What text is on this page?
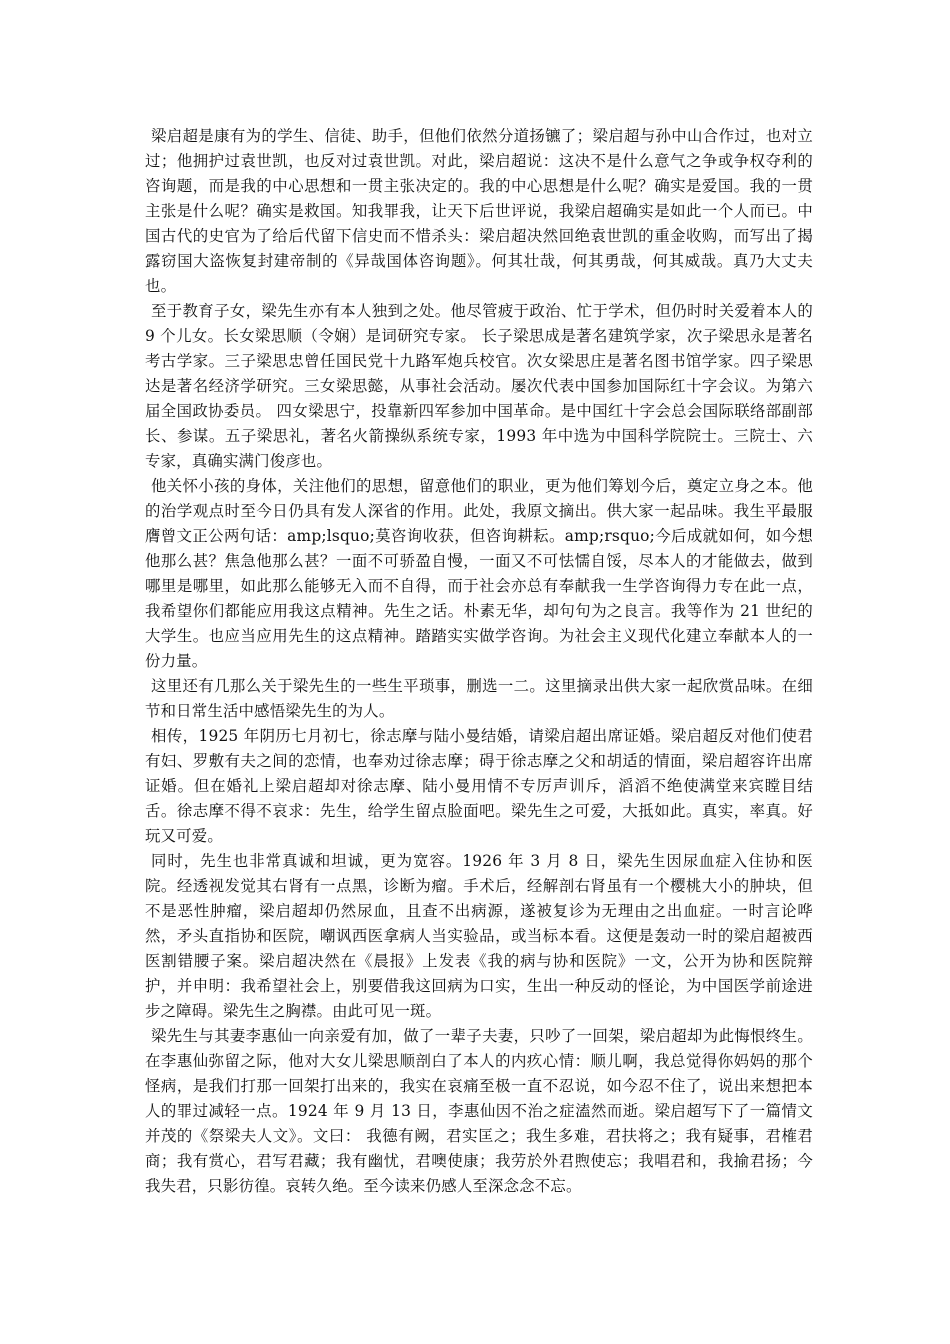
梁启超是康有为的学生、信徒、助手，但他们依然分道扬镳了；梁启超与孙中山合作过，也对立过；他拥护过袁世凯，也反对过袁世凯。对此，梁启超说：这决不是什么意气之争或争权夺利的咨询题，而是我的中心思想和一贯主张决定的。我的中心思想是什么呢？确实是爱国。我的一贯主张是什么呢？确实是救国。知我罪我，让天下后世评说，我梁启超确实是如此一个人而已。中国古代的史官为了给后代留下信史而不惜杀头：梁启超决然回绝袁世凯的重金收购，而写出了揭露窃国大盗恢复封建帝制的《异哉国体咨询题》。何其壮哉，何其勇哉，何其威哉。真乃大丈夫也。

至于教育子女，梁先生亦有本人独到之处。他尽管疲于政治、忙于学术，但仍时时关爱着本人的 9 个儿女。长女梁思顺（令娴）是词研究专家。 长子梁思成是著名建筑学家，次子梁思永是著名考古学家。三子梁思忠曾任国民党十九路军炮兵校官。次女梁思庄是著名图书馆学家。四子梁思达是著名经济学研究。三女梁思懿，从事社会活动。屡次代表中国参加国际红十字会议。为第六届全国政协委员。 四女梁思宁，投靠新四军参加中国革命。是中国红十字会总会国际联络部副部长、参谋。五子梁思礼，著名火箭操纵系统专家，1993 年中选为中国科学院院士。三院士、六专家，真确实满门俊彦也。

他关怀小孩的身体，关注他们的思想，留意他们的职业，更为他们筹划今后，奠定立身之本。他的治学观点时至今日仍具有发人深省的作用。此处，我原文摘出。供大家一起品味。我生平最服膺曾文正公两句话：amp;lsquo;莫咨询收获，但咨询耕耘。amp;rsquo;今后成就如何，如今想他那么甚？焦急他那么甚？一面不可骄盈自慢，一面又不可怯懦自馁，尽本人的才能做去，做到哪里是哪里，如此那么能够无入而不自得，而于社会亦总有奉献我一生学咨询得力专在此一点，我希望你们都能应用我这点精神。先生之话。朴素无华，却句句为之良言。我等作为 21 世纪的大学生。也应当应用先生的这点精神。踏踏实实做学咨询。为社会主义现代化建立奉献本人的一份力量。

这里还有几那么关于梁先生的一些生平琐事，删选一二。这里摘录出供大家一起欣赏品味。在细节和日常生活中感悟梁先生的为人。

相传，1925 年阴历七月初七，徐志摩与陆小曼结婚，请梁启超出席证婚。梁启超反对他们使君有妇、罗敷有夫之间的恋情，也奉劝过徐志摩；碍于徐志摩之父和胡适的情面，梁启超容许出席证婚。但在婚礼上梁启超却对徐志摩、陆小曼用情不专厉声训斥，滔滔不绝使满堂来宾瞠目结舌。徐志摩不得不哀求：先生，给学生留点脸面吧。梁先生之可爱，大抵如此。真实，率真。好玩又可爱。

同时，先生也非常真诚和坦诚，更为宽容。1926 年 3 月 8 日，梁先生因尿血症入住协和医院。经透视发觉其右肾有一点黑，诊断为瘤。手术后，经解剖右肾虽有一个樱桃大小的肿块，但不是恶性肿瘤，梁启超却仍然尿血，且查不出病源，遂被复诊为无理由之出血症。一时言论哗然，矛头直指协和医院，嘲讽西医拿病人当实验品，或当标本看。这便是轰动一时的梁启超被西医割错腰子案。梁启超决然在《晨报》上发表《我的病与协和医院》一文，公开为协和医院辩护，并申明：我希望社会上，别要借我这回病为口实，生出一种反动的怪论，为中国医学前途进步之障碍。梁先生之胸襟。由此可见一斑。

梁先生与其妻李惠仙一向亲爱有加，做了一辈子夫妻，只吵了一回架，梁启超却为此悔恨终生。在李惠仙弥留之际，他对大女儿梁思顺剖白了本人的内疚心情：顺儿啊，我总觉得你妈妈的那个怪病，是我们打那一回架打出来的，我实在哀痛至极一直不忍说，如今忍不住了，说出来想把本人的罪过减轻一点。1924 年 9 月 13 日，李惠仙因不治之症溘然而逝。梁启超写下了一篇情文并茂的《祭梁夫人文》。文曰： 我德有阙，君实匡之；我生多难，君扶将之；我有疑事，君榷君商；我有赏心，君写君藏；我有幽忧，君噢使康；我劳於外君煦使忘；我唱君和，我揄君扬；今我失君，只影彷徨。哀转久绝。至今读来仍感人至深念念不忘。
